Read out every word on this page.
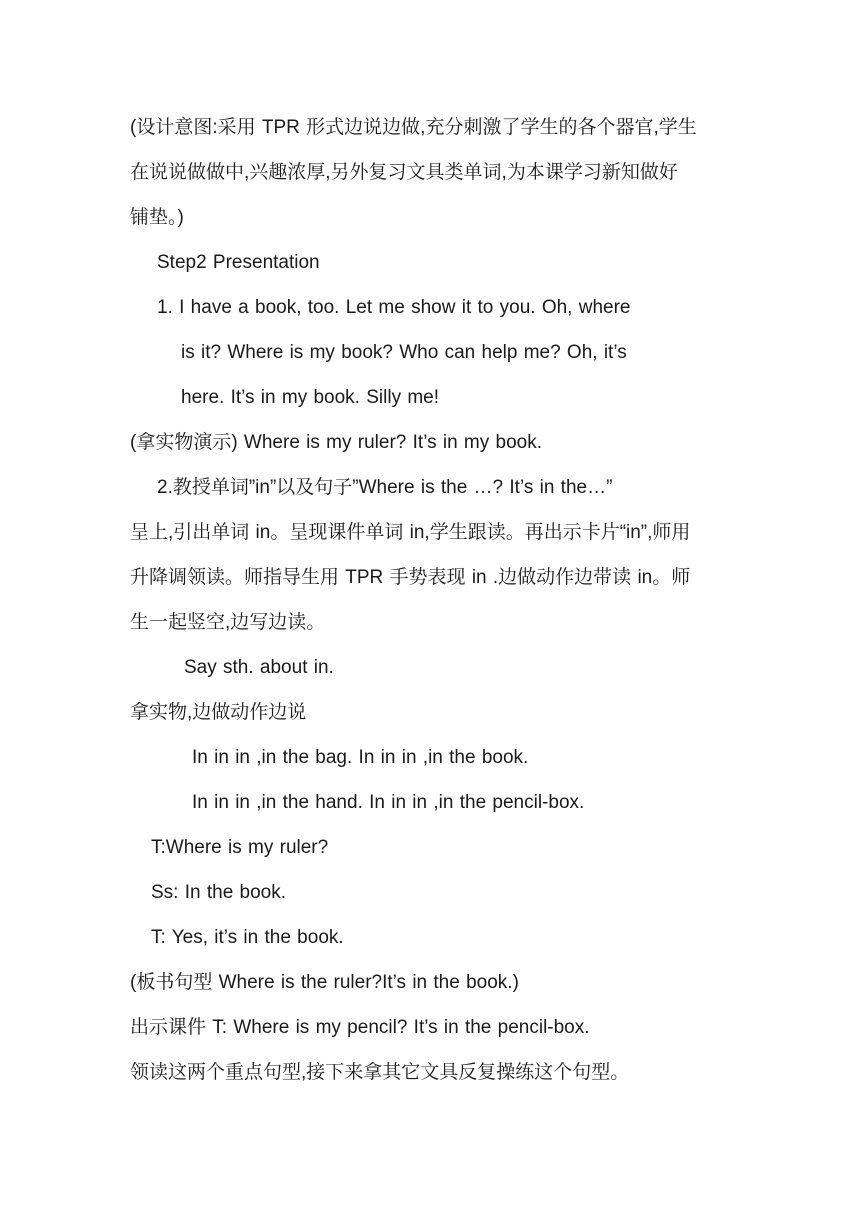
(设计意图:采用 TPR 形式边说边做,充分刺激了学生的各个器官,学生
在说说做做中,兴趣浓厚,另外复习文具类单词,为本课学习新知做好
铺垫。)
Step2 Presentation
1. I have a book, too. Let me show it to you. Oh, where
is it? Where is my book? Who can help me? Oh, it’s
here. It’s in my book. Silly me!
(拿实物演示) Where is my ruler? It’s in my book.
2.教授单词”in”以及句子”Where is the …? It’s in the…”
呈上,引出单词 in。呈现课件单词 in,学生跟读。再出示卡片“in”,师用
升降调领读。师指导生用 TPR 手势表现 in .边做动作边带读 in。师
生一起竖空,边写边读。
Say sth. about in.
拿实物,边做动作边说
In in in ,in the bag. In in in ,in the book.
In in in ,in the hand. In in in ,in the pencil-box.
T:Where is my ruler?
Ss: In the book.
T: Yes, it’s in the book.
(板书句型 Where is the ruler?It’s in the book.)
出示课件 T: Where is my pencil? It’s in the pencil-box.
领读这两个重点句型,接下来拿其它文具反复操练这个句型。
